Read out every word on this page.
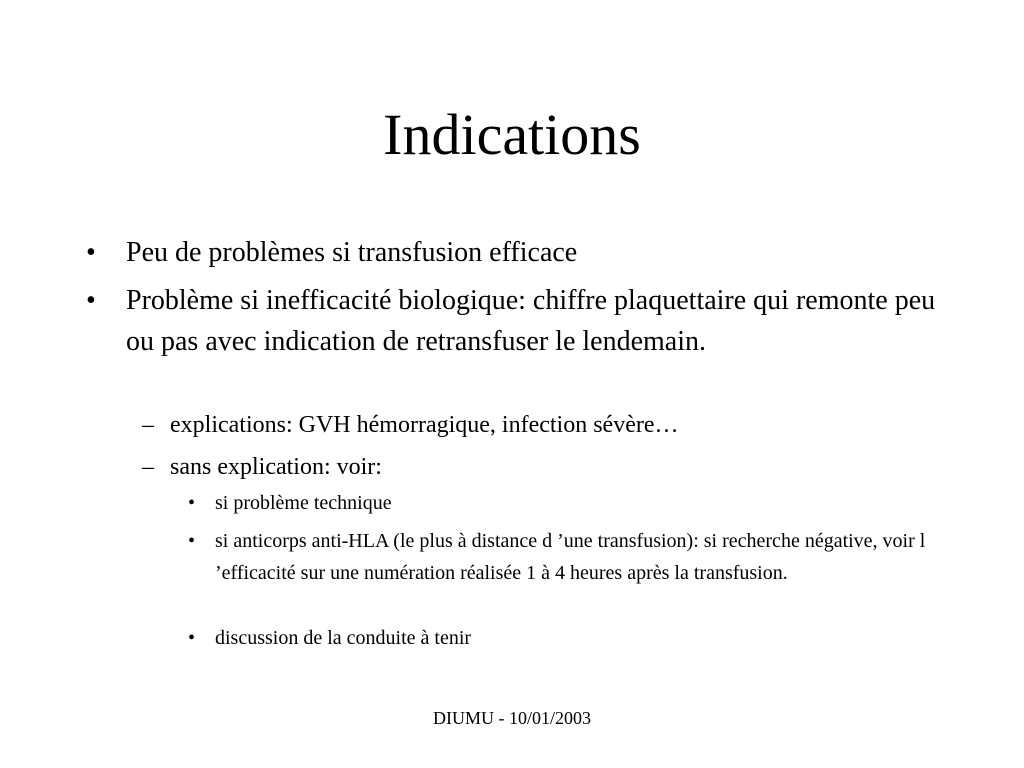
Indications

• Peu de problèmes si transfusion efficace

• Problème si inefficacité biologique: chiffre plaquettaire qui remonte peu ou pas avec indication de retransfuser le lendemain.

– explications: GVH hémorragique, infection sévère…

– sans explication: voir:

• si problème technique

• si anticorps anti-HLA (le plus à distance d ’une transfusion): si recherche négative, voir l ’efficacité sur une numération réalisée 1 à 4 heures après la transfusion.

• discussion de la conduite à tenir

DIUMU - 10/01/2003
